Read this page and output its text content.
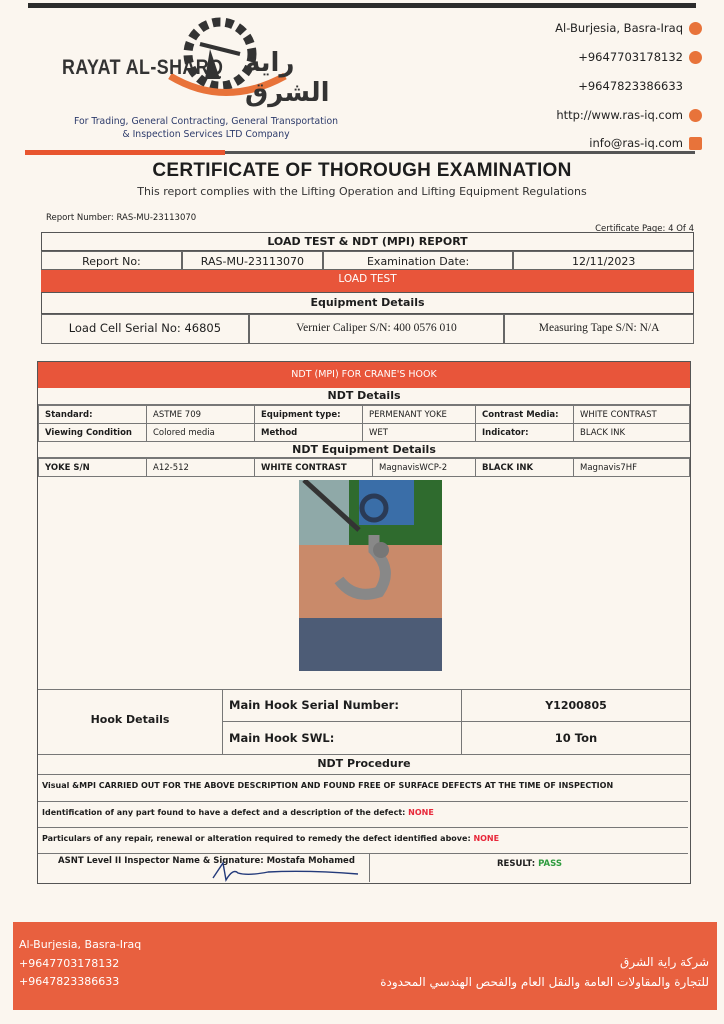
RAYAT AL-SHARQ راية الشرق
For Trading, General Contracting, General Transportation
& Inspection Services LTD Company
Al-Burjesia, Basra-Iraq
+9647703178132
+9647823386633
http://www.ras-iq.com
info@ras-iq.com
CERTIFICATE OF THOROUGH EXAMINATION
This report complies with the Lifting Operation and Lifting Equipment Regulations
Report Number: RAS-MU-23113070
Certificate Page: 4 Of 4
LOAD TEST & NDT (MPI) REPORT
Report No:	RAS-MU-23113070	Examination Date:	12/11/2023
LOAD TEST
Equipment Details
Load Cell Serial No: 46805	Vernier Caliper S/N: 400 0576 010	Measuring Tape S/N: N/A
NDT (MPI) FOR CRANE'S HOOK
NDT Details
Standard:	ASTME 709	Equipment type:	PERMENANT YOKE	Contrast Media:	WHITE CONTRAST
Viewing Condition	Colored media	Method	WET	Indicator:	BLACK INK
NDT Equipment Details
YOKE S/N	A12-512	WHITE CONTRAST	MagnavisWCP-2	BLACK INK	Magnavis7HF
Hook Details
Main Hook Serial Number:	Y1200805
Main Hook SWL:	10 Ton
NDT Procedure
Visual &MPI CARRIED OUT FOR THE ABOVE DESCRIPTION AND FOUND FREE OF SURFACE DEFECTS AT THE TIME OF INSPECTION
Identification of any part found to have a defect and a description of the defect: NONE
Particulars of any repair, renewal or alteration required to remedy the defect identified above: NONE
ASNT Level II Inspector Name & Signature: Mostafa Mohamed	RESULT: PASS
Al-Burjesia, Basra-Iraq
+9647703178132
+9647823386633
شركة راية الشرق
للتجارة والمقاولات العامة والنقل العام والفحص الهندسي المحدودة
